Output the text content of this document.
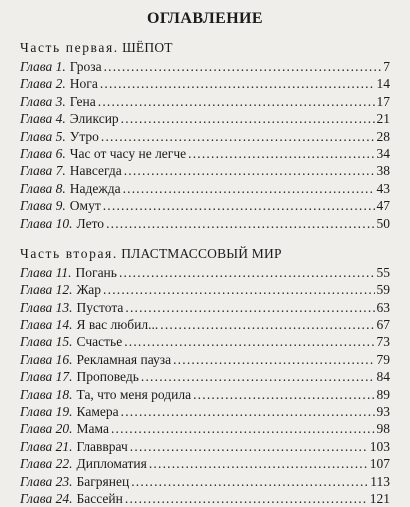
ОГЛАВЛЕНИЕ
Часть первая. ШЁПОТ
Глава 1. Гроза .....	7
Глава 2. Нога .....	14
Глава 3. Гена .....	17
Глава 4. Эликсир .....	21
Глава 5. Утро .....	28
Глава 6. Час от часу не легче .....	34
Глава 7. Навсегда .....	38
Глава 8. Надежда .....	43
Глава 9. Омут .....	47
Глава 10. Лето .....	50
Часть вторая. ПЛАСТМАССОВЫЙ МИР
Глава 11. Погань .....	55
Глава 12. Жар .....	59
Глава 13. Пустота .....	63
Глава 14. Я вас любил... .....	67
Глава 15. Счастье .....	73
Глава 16. Рекламная пауза .....	79
Глава 17. Проповедь .....	84
Глава 18. Та, что меня родила .....	89
Глава 19. Камера .....	93
Глава 20. Мама .....	98
Глава 21. Главврач .....	103
Глава 22. Дипломатия .....	107
Глава 23. Багрянец .....	113
Глава 24. Бассейн .....	121
